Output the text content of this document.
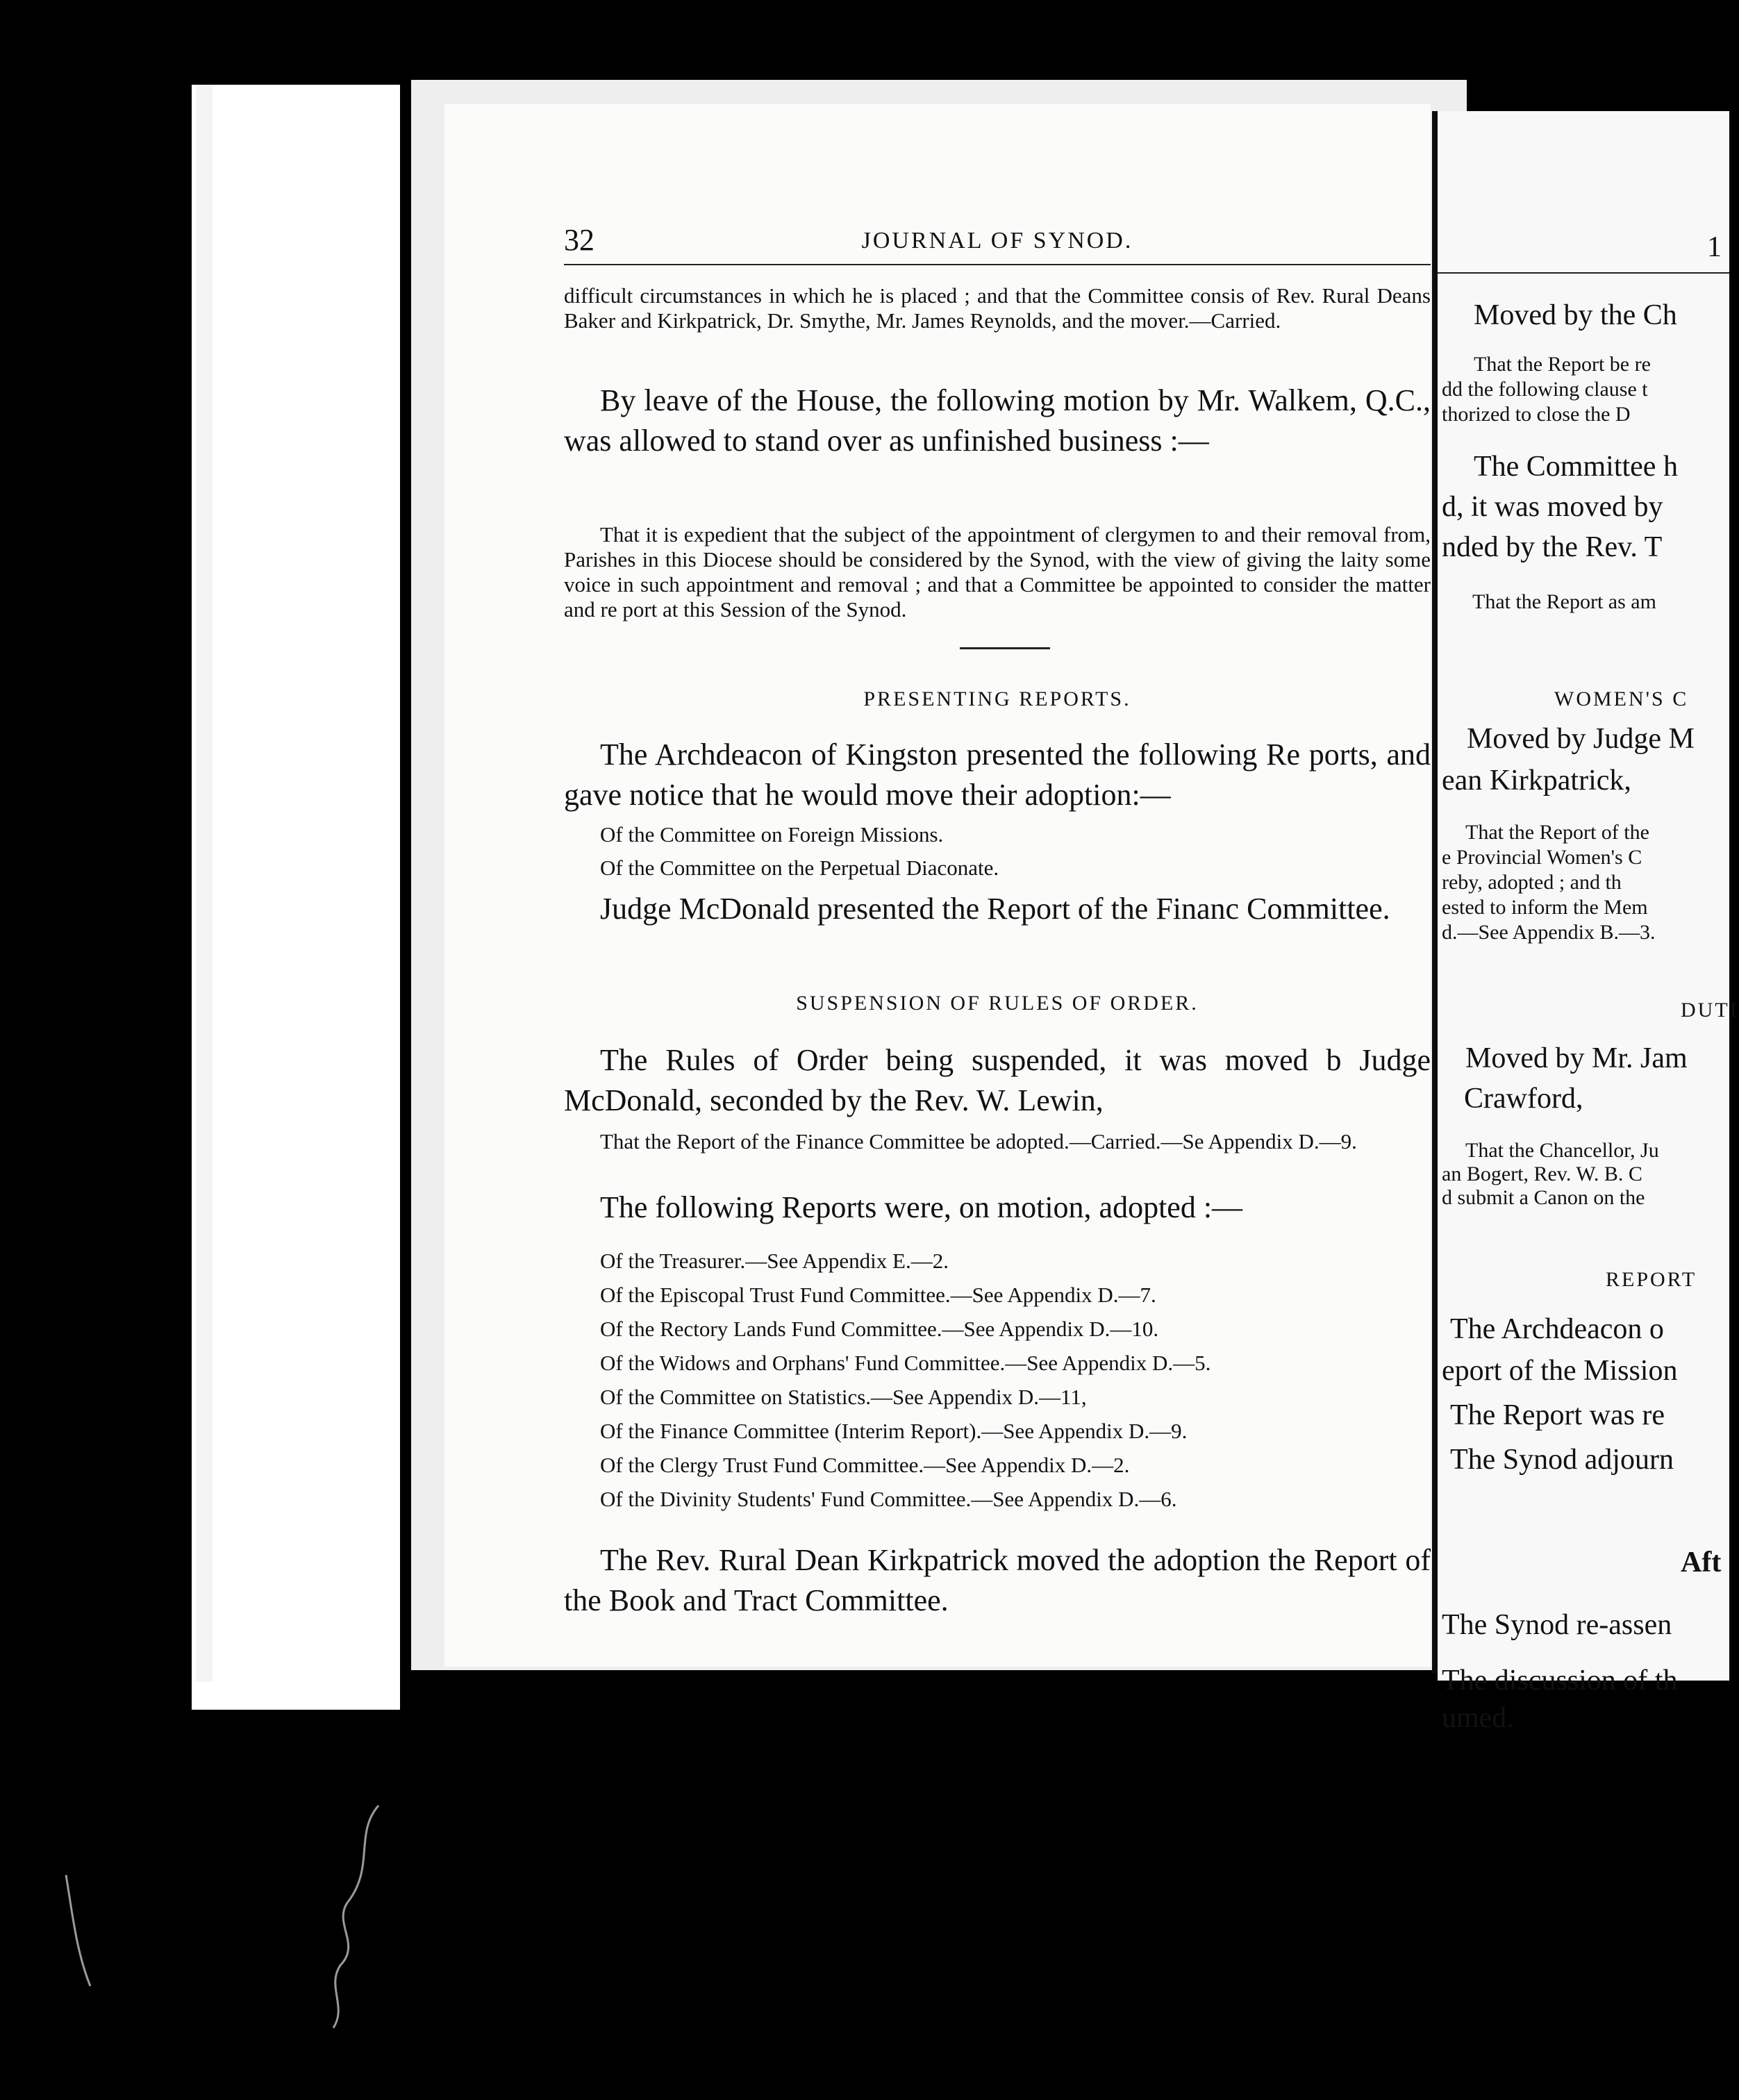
32	JOURNAL OF SYNOD.
difficult circumstances in which he is placed ; and that the Committee consis of Rev. Rural Deans Baker and Kirkpatrick, Dr. Smythe, Mr. James Reynolds, and the mover.—Carried.
By leave of the House, the following motion by Mr. Walkem, Q.C., was allowed to stand over as unfinished business :—
That it is expedient that the subject of the appointment of clergymen to and their removal from, Parishes in this Diocese should be considered by the Synod, with the view of giving the laity some voice in such appointment and removal ; and that a Committee be appointed to consider the matter and re port at this Session of the Synod.
PRESENTING REPORTS.
The Archdeacon of Kingston presented the following Re ports, and gave notice that he would move their adoption:—
Of the Committee on Foreign Missions.
Of the Committee on the Perpetual Diaconate.
Judge McDonald presented the Report of the Financ Committee.
SUSPENSION OF RULES OF ORDER.
The Rules of Order being suspended, it was moved b Judge McDonald, seconded by the Rev. W. Lewin,
That the Report of the Finance Committee be adopted.—Carried.—Se Appendix D.—9.
The following Reports were, on motion, adopted :—
Of the Treasurer.—See Appendix E.—2.
Of the Episcopal Trust Fund Committee.—See Appendix D.—7.
Of the Rectory Lands Fund Committee.—See Appendix D.—10.
Of the Widows and Orphans' Fund Committee.—See Appendix D.—5.
Of the Committee on Statistics.—See Appendix D.—11,
Of the Finance Committee (Interim Report).—See Appendix D.—9.
Of the Clergy Trust Fund Committee.—See Appendix D.—2.
Of the Divinity Students' Fund Committee.—See Appendix D.—6.
The Rev. Rural Dean Kirkpatrick moved the adoption the Report of the Book and Tract Committee.
1
Moved by the Ch
That the Report be re
dd the following clause t
thorized to close the D
The Committee h
d, it was moved by
nded by the Rev. T
That the Report as am
WOMEN'S C
Moved by Judge M
ean Kirkpatrick,
That the Report of the
e Provincial Women's C
reby, adopted ; and th
ested to inform the Mem
d.—See Appendix B.—3.
DUTI
Moved by Mr. Jam
Crawford,
That the Chancellor, Ju
an Bogert, Rev. W. B. C
d submit a Canon on the
REPORT
The Archdeacon o
eport of the Mission
The Report was re
The Synod adjourn
Aft
The Synod re-assen
The discussion of th
umed.
